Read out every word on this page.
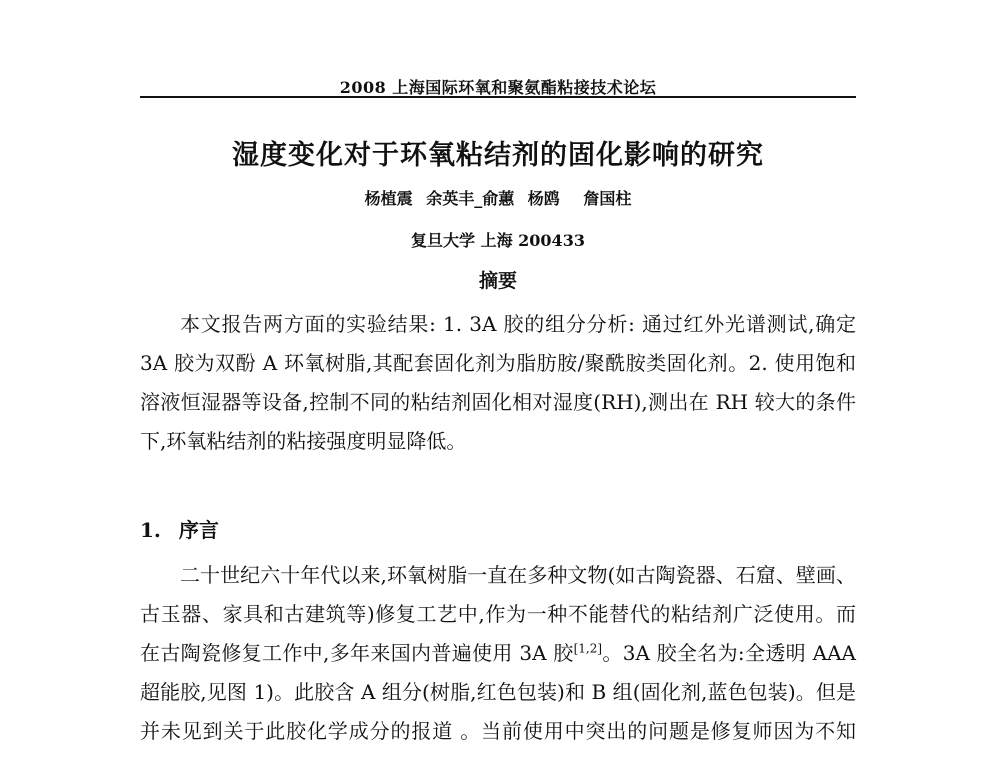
2008 上海国际环氧和聚氨酯粘接技术论坛
湿度变化对于环氧粘结剂的固化影响的研究
杨植震 余英丰_俞蕙 杨鸥 詹国柱
复旦大学 上海 200433
摘要
本文报告两方面的实验结果: 1. 3A 胶的组分分析: 通过红外光谱测试,确定
3A 胶为双酚 A 环氧树脂,其配套固化剂为脂肪胺/聚酰胺类固化剂。2. 使用饱和
溶液恒湿器等设备,控制不同的粘结剂固化相对湿度(RH),测出在 RH 较大的条件
下,环氧粘结剂的粘接强度明显降低。
1. 序言
二十世纪六十年代以来,环氧树脂一直在多种文物(如古陶瓷器、石窟、壁画、
古玉器、家具和古建筑等)修复工艺中,作为一种不能替代的粘结剂广泛使用。而
在古陶瓷修复工作中,多年来国内普遍使用 3A 胶[1,2]。3A 胶全名为:全透明 AAA
超能胶,见图 1)。此胶含 A 组分(树脂,红色包装)和 B 组(固化剂,蓝色包装)。但是
并未见到关于此胶化学成分的报道 。当前使用中突出的问题是修复师因为不知
